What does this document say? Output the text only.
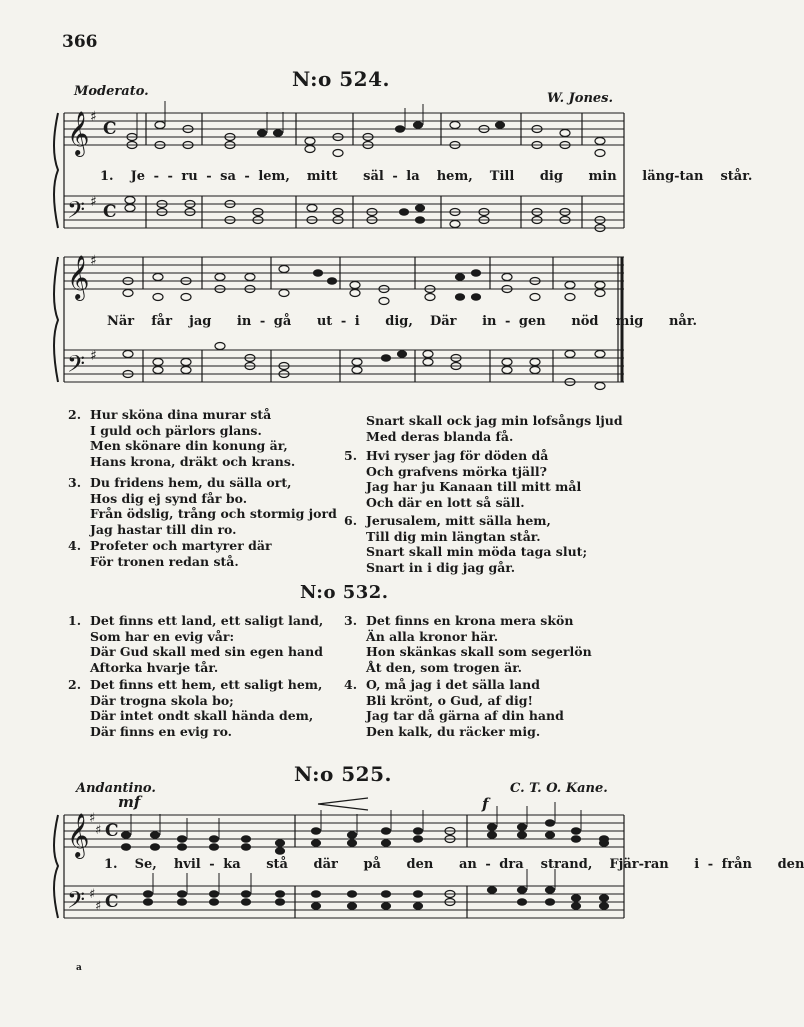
366
N:o 524.
Moderato.	W. Jones.
𝄞
𝄢
𝄞
𝄢
𝄞
𝄢
♯
♯
♯
♯
♯
♯
♯
♯
C
C
C
C
1.  Je - - ru - sa - lem,  mitt   säl - la  hem,  Till   dig   min   läng-tan  står.
När  får  jag   in - gå   ut - i   dig,  Där   in - gen   nöd  mig   når.
2. Hur sköna dina murar stå
I guld och pärlors glans.
Men skönare din konung är,
Hans krona, dräkt och krans.
3. Du fridens hem, du sälla ort,
Hos dig ej synd får bo.
Från ödslig, trång och stormig jord
Jag hastar till din ro.
4. Profeter och martyrer där
För tronen redan stå.
Snart skall ock jag min lofsångs ljud
Med deras blanda få.
5. Hvi ryser jag för döden då
Och grafvens mörka tjäll?
Jag har ju Kanaan till mitt mål
Och där en lott så säll.
6. Jerusalem, mitt sälla hem,
Till dig min längtan står.
Snart skall min möda taga slut;
Snart in i dig jag går.
N:o 532.
1. Det finns ett land, ett saligt land,
Som har en evig vår:
Där Gud skall med sin egen hand
Aftorka hvarje tår.
2. Det finns ett hem, ett saligt hem,
Där trogna skola bo;
Där intet ondt skall hända dem,
Där finns en evig ro.
3. Det finns en krona mera skön
Än alla kronor här.
Hon skänkas skall som segerlön
Åt den, som trogen är.
4. O, må jag i det sälla land
Bli krönt, o Gud, af dig!
Jag tar då gärna af din hand
Den kalk, du räcker mig.
N:o 525.
Andantino.	C. T. O. Kane.
mf	f
1.  Se,  hvil - ka   stå   där   på   den   an - dra  strand,  Fjär-ran   i - från   den
a
